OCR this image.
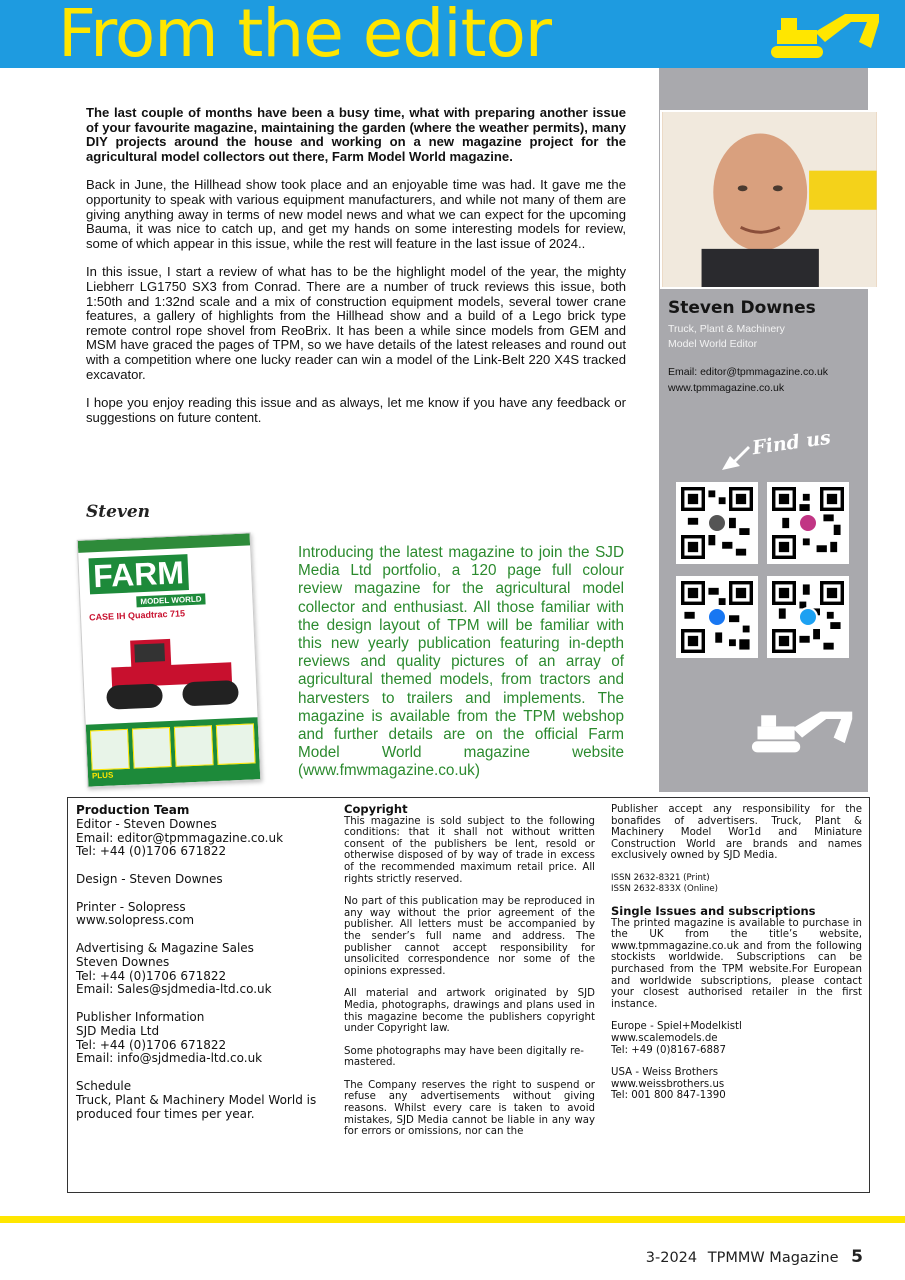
From the editor

The last couple of months have been a busy time, what with preparing another issue of your favourite magazine, maintaining the garden (where the weather permits), many DIY projects around the house and working on a new magazine project for the agricultural model collectors out there, Farm Model World magazine.

Back in June, the Hillhead show took place and an enjoyable time was had. It gave me the opportunity to speak with various equipment manufacturers, and while not many of them are giving anything away in terms of new model news and what we can expect for the upcoming Bauma, it was nice to catch up, and get my hands on some interesting models for review, some of which appear in this issue, while the rest will feature in the last issue of 2024..

In this issue, I start a review of what has to be the highlight model of the year, the mighty Liebherr LG1750 SX3 from Conrad. There are a number of truck reviews this issue, both 1:50th and 1:32nd scale and a mix of construction equipment models, several tower crane features, a gallery of highlights from the Hillhead show and a build of a Lego brick type remote control rope shovel from ReoBrix. It has been a while since models from GEM and MSM have graced the pages of TPM, so we have details of the latest releases and round out with a competition where one lucky reader can win a model of the Link-Belt 220 X4S tracked excavator.

I hope you enjoy reading this issue and as always, let me know if you have any feedback or suggestions on future content.

Steven
FARM
MODEL WORLD
CASE IH Quadtrac 715
PLUS
Introducing the latest magazine to join the SJD Media Ltd portfolio, a 120 page full colour review magazine for the agricultural model collector and enthusiast. All those familiar with the design layout of TPM will be familiar with this new yearly publication featuring in-depth reviews and quality pictures of an array of agricultural themed models, from tractors and harvesters to trailers and implements. The magazine is available from the TPM webshop and further details are on the official Farm Model World magazine website (www.fmwmagazine.co.uk)
Steven Downes
Truck, Plant & Machinery
Model World Editor
Email: editor@tpmmagazine.co.uk
www.tpmmagazine.co.uk
Find us
Production Team
Editor - Steven Downes
Email: editor@tpmmagazine.co.uk
Tel: +44 (0)1706 671822
Design - Steven Downes
Printer - Solopress
www.solopress.com
Advertising & Magazine Sales
Steven Downes
Tel: +44 (0)1706 671822
Email: Sales@sjdmedia-ltd.co.uk
Publisher Information
SJD Media Ltd
Tel: +44 (0)1706 671822
Email: info@sjdmedia-ltd.co.uk
Schedule
Truck, Plant & Machinery Model World is produced four times per year.
Copyright
This magazine is sold subject to the following conditions: that it shall not without written consent of the publishers be lent, resold or otherwise disposed of by way of trade in excess of the recommended maximum retail price. All rights strictly reserved.
No part of this publication may be reproduced in any way without the prior agreement of the publisher. All letters must be accompanied by the sender’s full name and address. The publisher cannot accept responsibility for unsolicited correspondence nor some of the opinions expressed.
All material and artwork originated by SJD Media, photographs, drawings and plans used in this magazine become the publishers copyright under Copyright law.
Some photographs may have been digitally re-mastered.
The Company reserves the right to suspend or refuse any advertisements without giving reasons. Whilst every care is taken to avoid mistakes, SJD Media cannot be liable in any way for errors or omissions, nor can the
Publisher accept any responsibility for the bonafides of advertisers. Truck, Plant & Machinery Model Wor1d and Miniature Construction World are brands and names exclusively owned by SJD Media.
ISSN 2632-8321 (Print)
ISSN 2632-833X (Online)
Single Issues and subscriptions
The printed magazine is available to purchase in the UK from the title’s website, www.tpmmagazine.co.uk and from the following stockists worldwide. Subscriptions can be purchased from the TPM website.For European and worldwide subscriptions, please contact your closest authorised retailer in the first instance.
Europe - Spiel+Modelkistl
www.scalemodels.de
Tel: +49 (0)8167-6887
USA - Weiss Brothers
www.weissbrothers.us
Tel: 001 800 847-1390
3-2024 TPMMW Magazine 5
